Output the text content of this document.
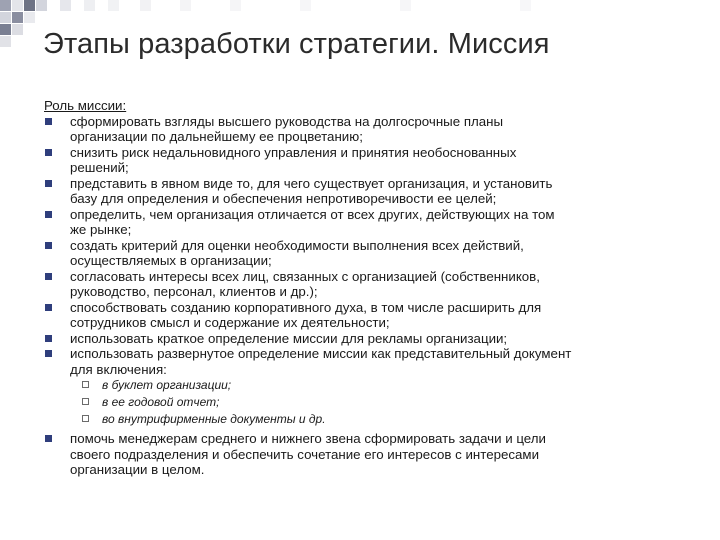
Этапы разработки стратегии. Миссия
Роль миссии:
сформировать взгляды высшего руководства на долгосрочные планы
организации по дальнейшему ее процветанию;
снизить риск недальновидного управления и принятия необоснованных
решений;
представить в явном виде то, для чего существует организация, и установить
базу для определения и обеспечения непротиворечивости ее целей;
определить, чем организация отличается от всех других, действующих на том
же рынке;
создать критерий для оценки необходимости выполнения всех действий,
осуществляемых в организации;
согласовать интересы всех лиц, связанных с организацией (собственников,
руководство, персонал, клиентов и др.);
способствовать созданию корпоративного духа, в том числе расширить для
сотрудников смысл и содержание их деятельности;
использовать краткое определение миссии для рекламы организации;
использовать развернутое определение миссии как представительный документ
для включения:
в буклет организации;
в ее годовой отчет;
во внутрифирменные документы и др.
помочь менеджерам среднего и нижнего звена сформировать задачи и цели
своего подразделения и обеспечить сочетание его интересов с интересами
организации в целом.
